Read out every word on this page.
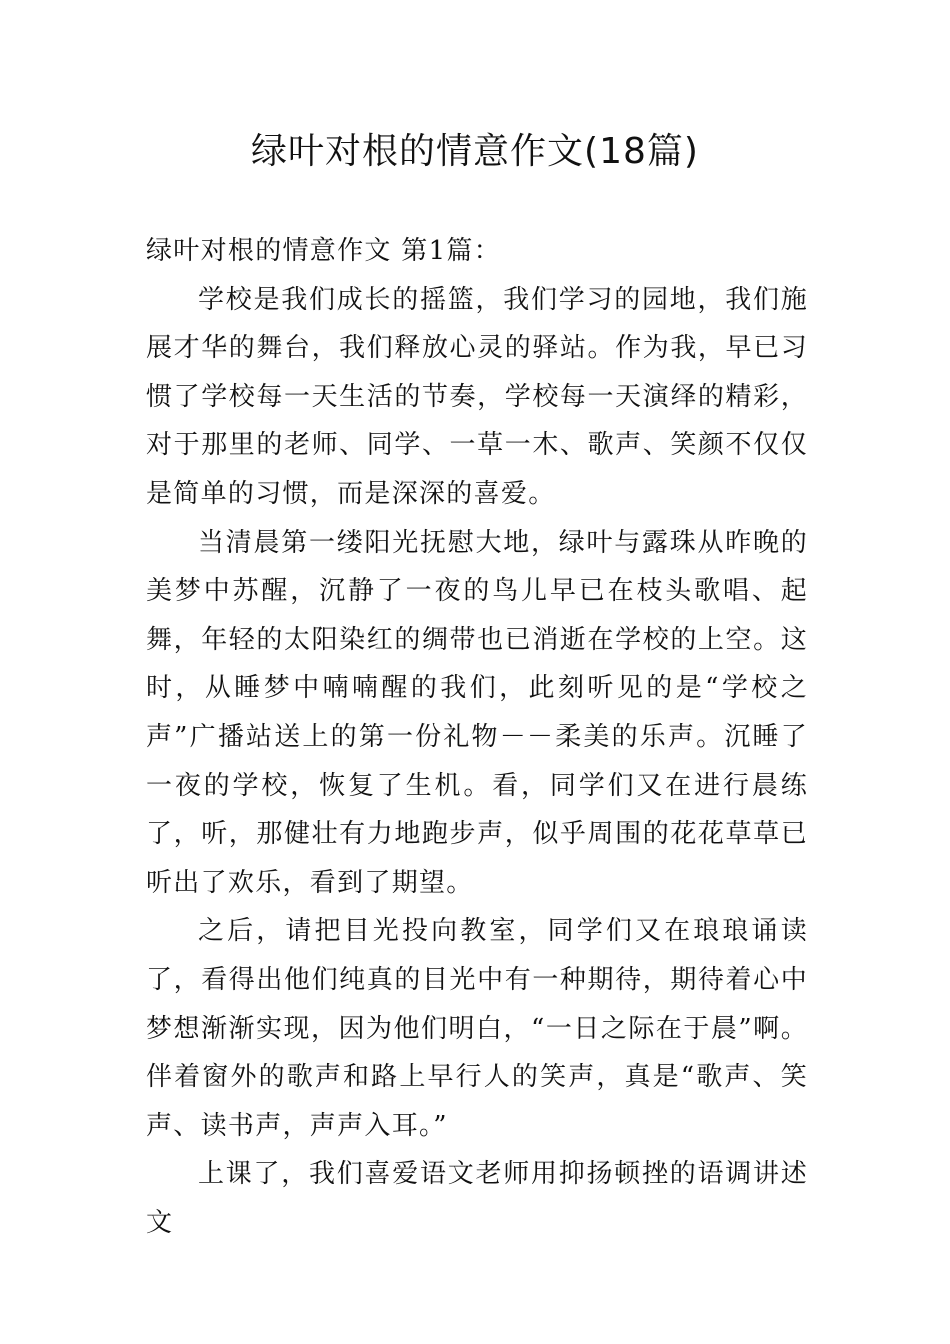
绿叶对根的情意作文(18篇)

绿叶对根的情意作文 第1篇：

学校是我们成长的摇篮，我们学习的园地，我们施展才华的舞台，我们释放心灵的驿站。作为我，早已习惯了学校每一天生活的节奏，学校每一天演绎的精彩，对于那里的老师、同学、一草一木、歌声、笑颜不仅仅是简单的习惯，而是深深的喜爱。

当清晨第一缕阳光抚慰大地，绿叶与露珠从昨晚的美梦中苏醒，沉静了一夜的鸟儿早已在枝头歌唱、起舞，年轻的太阳染红的绸带也已消逝在学校的上空。这时，从睡梦中喃喃醒的我们，此刻听见的是“学校之声”广播站送上的第一份礼物－－柔美的乐声。沉睡了一夜的学校，恢复了生机。看，同学们又在进行晨练了，听，那健壮有力地跑步声，似乎周围的花花草草已听出了欢乐，看到了期望。

之后，请把目光投向教室，同学们又在琅琅诵读了，看得出他们纯真的目光中有一种期待，期待着心中梦想渐渐实现，因为他们明白，“一日之际在于晨”啊。伴着窗外的歌声和路上早行人的笑声，真是“歌声、笑声、读书声，声声入耳。”

上课了，我们喜爱语文老师用抑扬顿挫的语调讲述文
